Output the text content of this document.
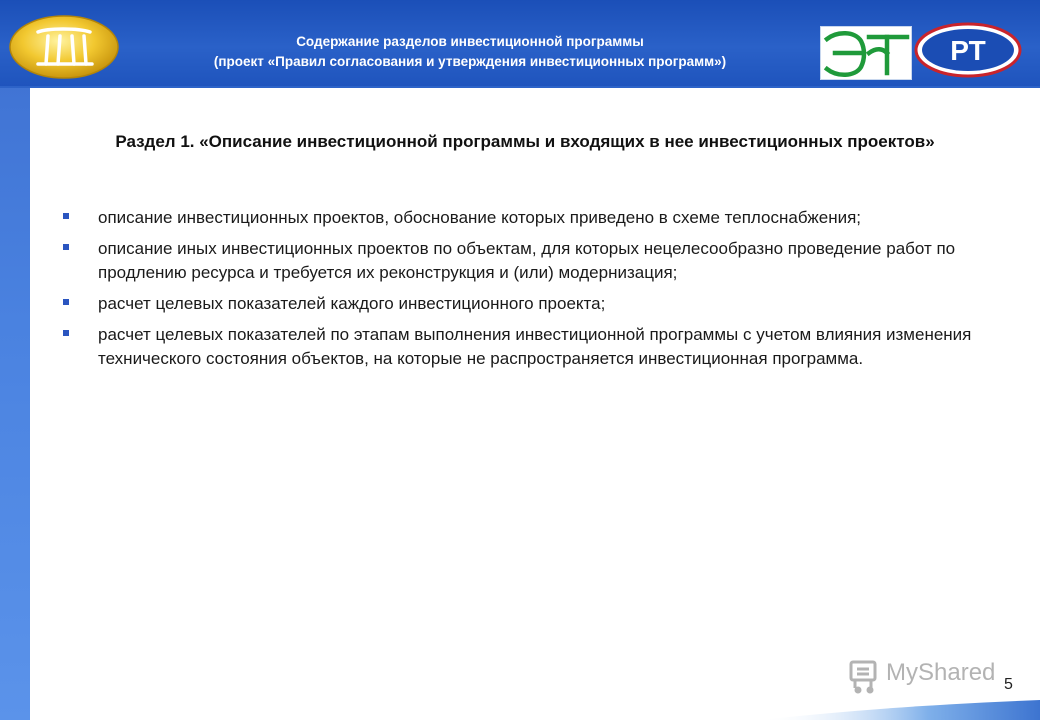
Содержание разделов инвестиционной программы
(проект «Правил согласования и утверждения инвестиционных программ»)	РТ
Раздел 1. «Описание инвестиционной программы и входящих в нее инвестиционных проектов»
описание инвестиционных проектов, обоснование которых приведено в схеме теплоснабжения;
описание иных инвестиционных проектов по объектам, для которых нецелесообразно проведение работ по продлению ресурса и требуется их реконструкция и (или) модернизация;
расчет целевых показателей каждого инвестиционного проекта;
расчет целевых показателей по этапам выполнения инвестиционной программы с учетом влияния изменения технического состояния объектов, на которые не распространяется инвестиционная программа.
MyShared 5
